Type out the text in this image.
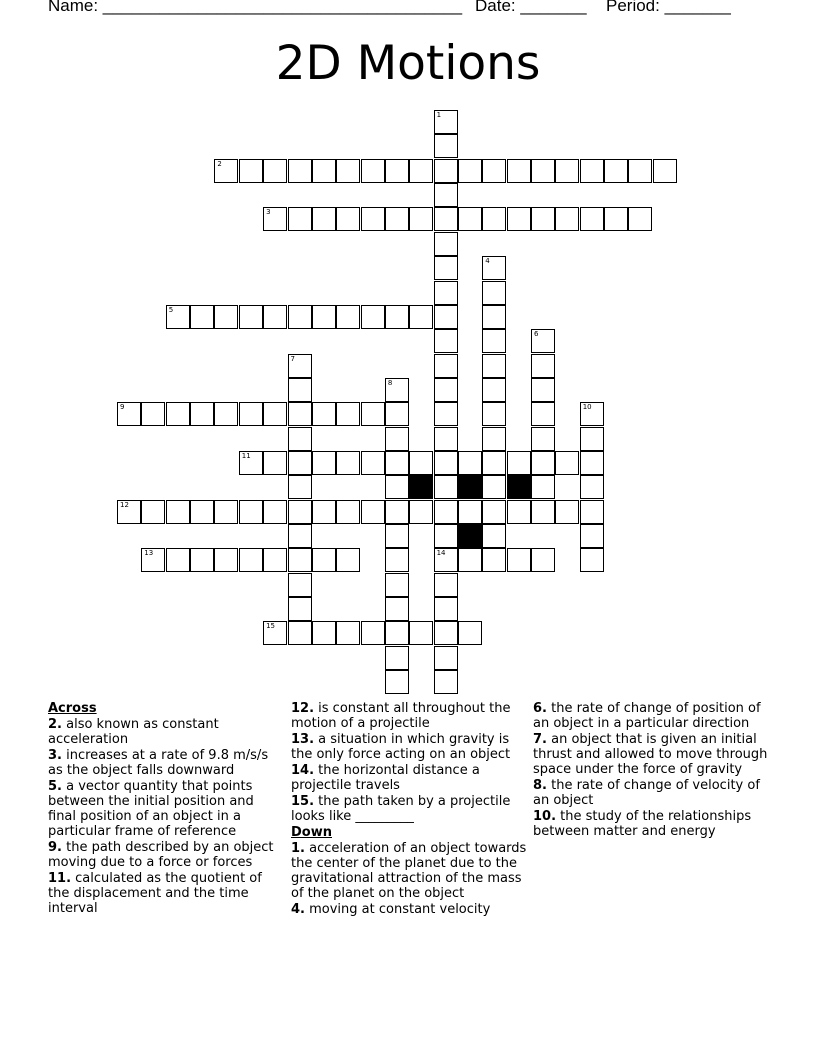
Name: ______________________________________ Date: _______ Period: _______
2D Motions
1
14
2
3
4
5
6
7
8
9	10
11
12
13
15
Across
2. also known as constant acceleration
3. increases at a rate of 9.8 m/s/s as the object falls downward
5. a vector quantity that points between the initial position and final position of an object in a particular frame of reference
9. the path described by an object moving due to a force or forces
11. calculated as the quotient of the displacement and the time interval
12. is constant all throughout the motion of a projectile
13. a situation in which gravity is the only force acting on an object
14. the horizontal distance a projectile travels
15. the path taken by a projectile looks like _________
Down
1. acceleration of an object towards the center of the planet due to the gravitational attraction of the mass of the planet on the object
4. moving at constant velocity
6. the rate of change of position of an object in a particular direction
7. an object that is given an initial thrust and allowed to move through space under the force of gravity
8. the rate of change of velocity of an object
10. the study of the relationships between matter and energy
